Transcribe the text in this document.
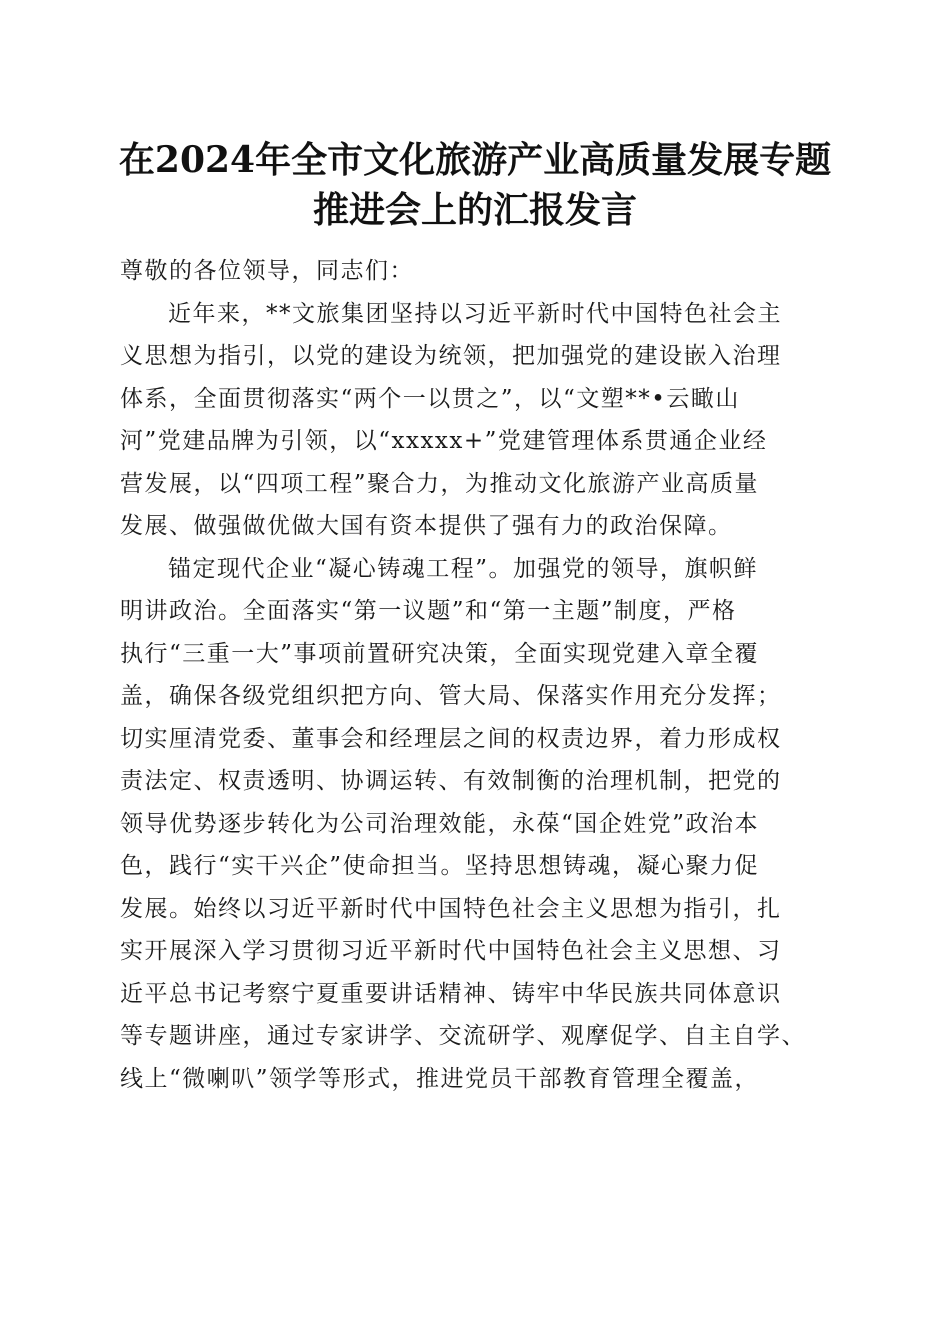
在2024年全市文化旅游产业高质量发展专题
推进会上的汇报发言
尊敬的各位领导，同志们：
近年来，**文旅集团坚持以习近平新时代中国特色社会主
义思想为指引，以党的建设为统领，把加强党的建设嵌入治理
体系，全面贯彻落实“两个一以贯之”，以“文塑**•云瞰山
河”党建品牌为引领，以“xxxxx+”党建管理体系贯通企业经
营发展，以“四项工程”聚合力，为推动文化旅游产业高质量
发展、做强做优做大国有资本提供了强有力的政治保障。
锚定现代企业“凝心铸魂工程”。加强党的领导，旗帜鲜
明讲政治。全面落实“第一议题”和“第一主题”制度，严格
执行“三重一大”事项前置研究决策，全面实现党建入章全覆
盖，确保各级党组织把方向、管大局、保落实作用充分发挥；
切实厘清党委、董事会和经理层之间的权责边界，着力形成权
责法定、权责透明、协调运转、有效制衡的治理机制，把党的
领导优势逐步转化为公司治理效能，永葆“国企姓党”政治本
色，践行“实干兴企”使命担当。坚持思想铸魂，凝心聚力促
发展。始终以习近平新时代中国特色社会主义思想为指引，扎
实开展深入学习贯彻习近平新时代中国特色社会主义思想、习
近平总书记考察宁夏重要讲话精神、铸牢中华民族共同体意识
等专题讲座，通过专家讲学、交流研学、观摩促学、自主自学、
线上“微喇叭”领学等形式，推进党员干部教育管理全覆盖，
